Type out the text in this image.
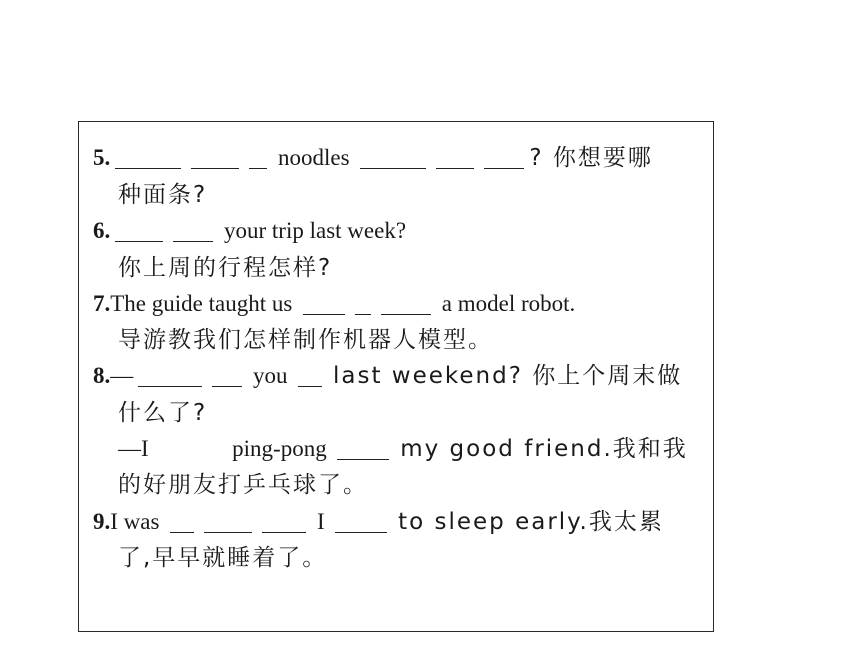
5.	noodles	? 你想要哪
种面条?
6.	your trip last week?
你上周的行程怎样?
7.The guide taught us	a model robot.
导游教我们怎样制作机器人模型。
8.—	you last weekend? 你上个周末做
什么了?
—I	ping-pong	my good friend.我和我
的好朋友打乒乓球了。
9.I was	I	to sleep early.我太累
了,早早就睡着了。
